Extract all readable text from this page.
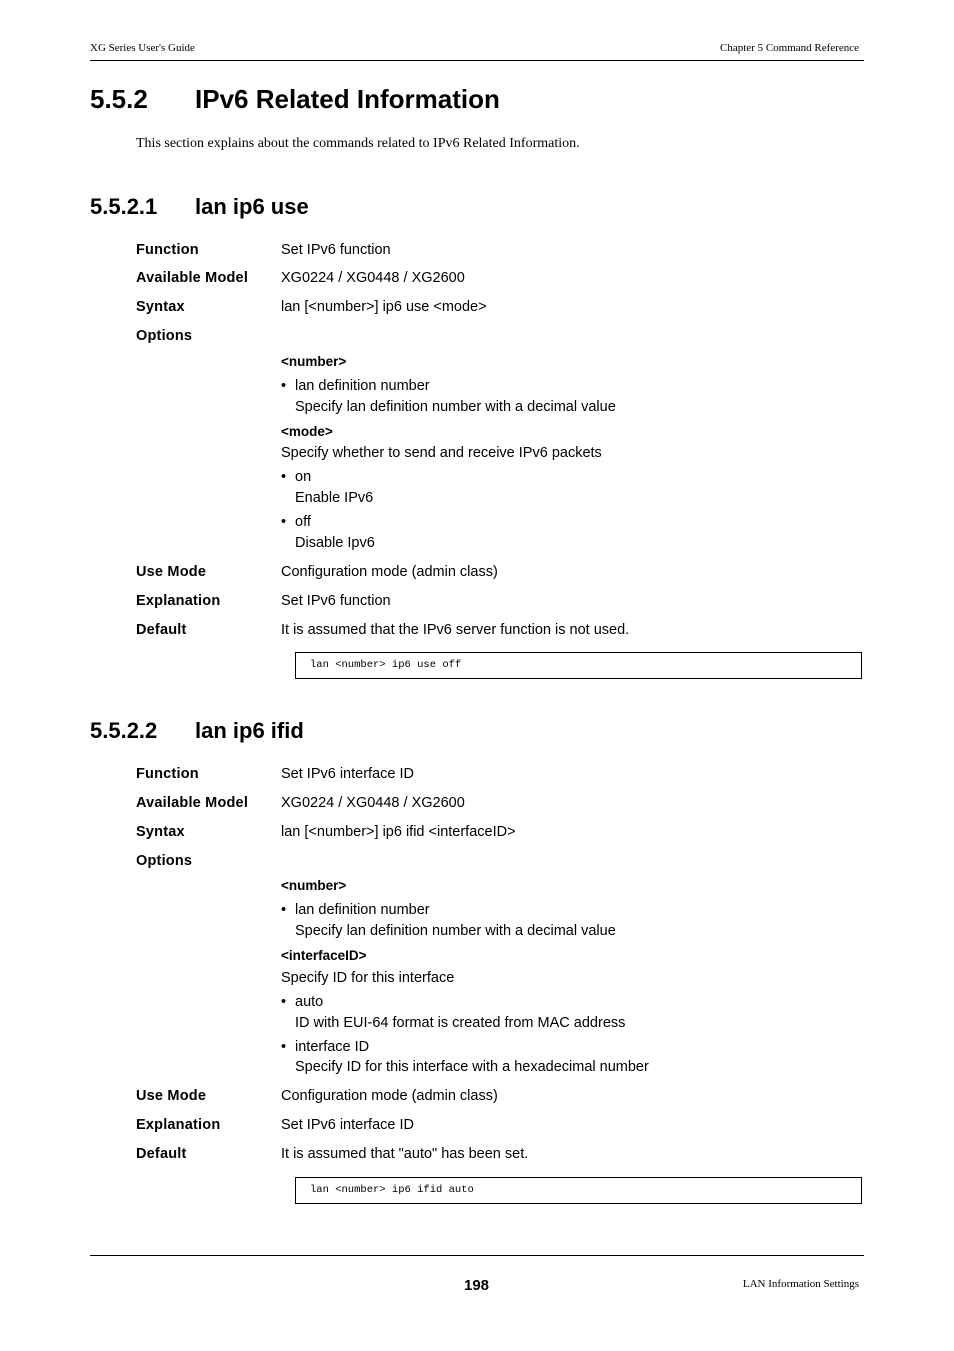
XG Series User's Guide	Chapter 5 Command Reference
5.5.2 IPv6 Related Information

This section explains about the commands related to IPv6 Related Information.

5.5.2.1 lan ip6 use
Function	Set IPv6 function
Available Model XG0224 / XG0448 / XG2600
Syntax	lan [<number>] ip6 use <mode>
Options
<number>
• lan definition number
Specify lan definition number with a decimal value
<mode>
Specify whether to send and receive IPv6 packets
• on
Enable IPv6
• off
Disable Ipv6
Use Mode	Configuration mode (admin class)
Explanation	Set IPv6 function
Default	It is assumed that the IPv6 server function is not used.
lan <number> ip6 use off
5.5.2.2 lan ip6 ifid
Function	Set IPv6 interface ID
Available Model XG0224 / XG0448 / XG2600
Syntax	lan [<number>] ip6 ifid <interfaceID>
Options
<number>
• lan definition number
Specify lan definition number with a decimal value
<interfaceID>
Specify ID for this interface
• auto
ID with EUI-64 format is created from MAC address
• interface ID
Specify ID for this interface with a hexadecimal number
Use Mode	Configuration mode (admin class)
Explanation	Set IPv6 interface ID
Default	It is assumed that "auto" has been set.
lan <number> ip6 ifid auto
198	LAN Information Settings
